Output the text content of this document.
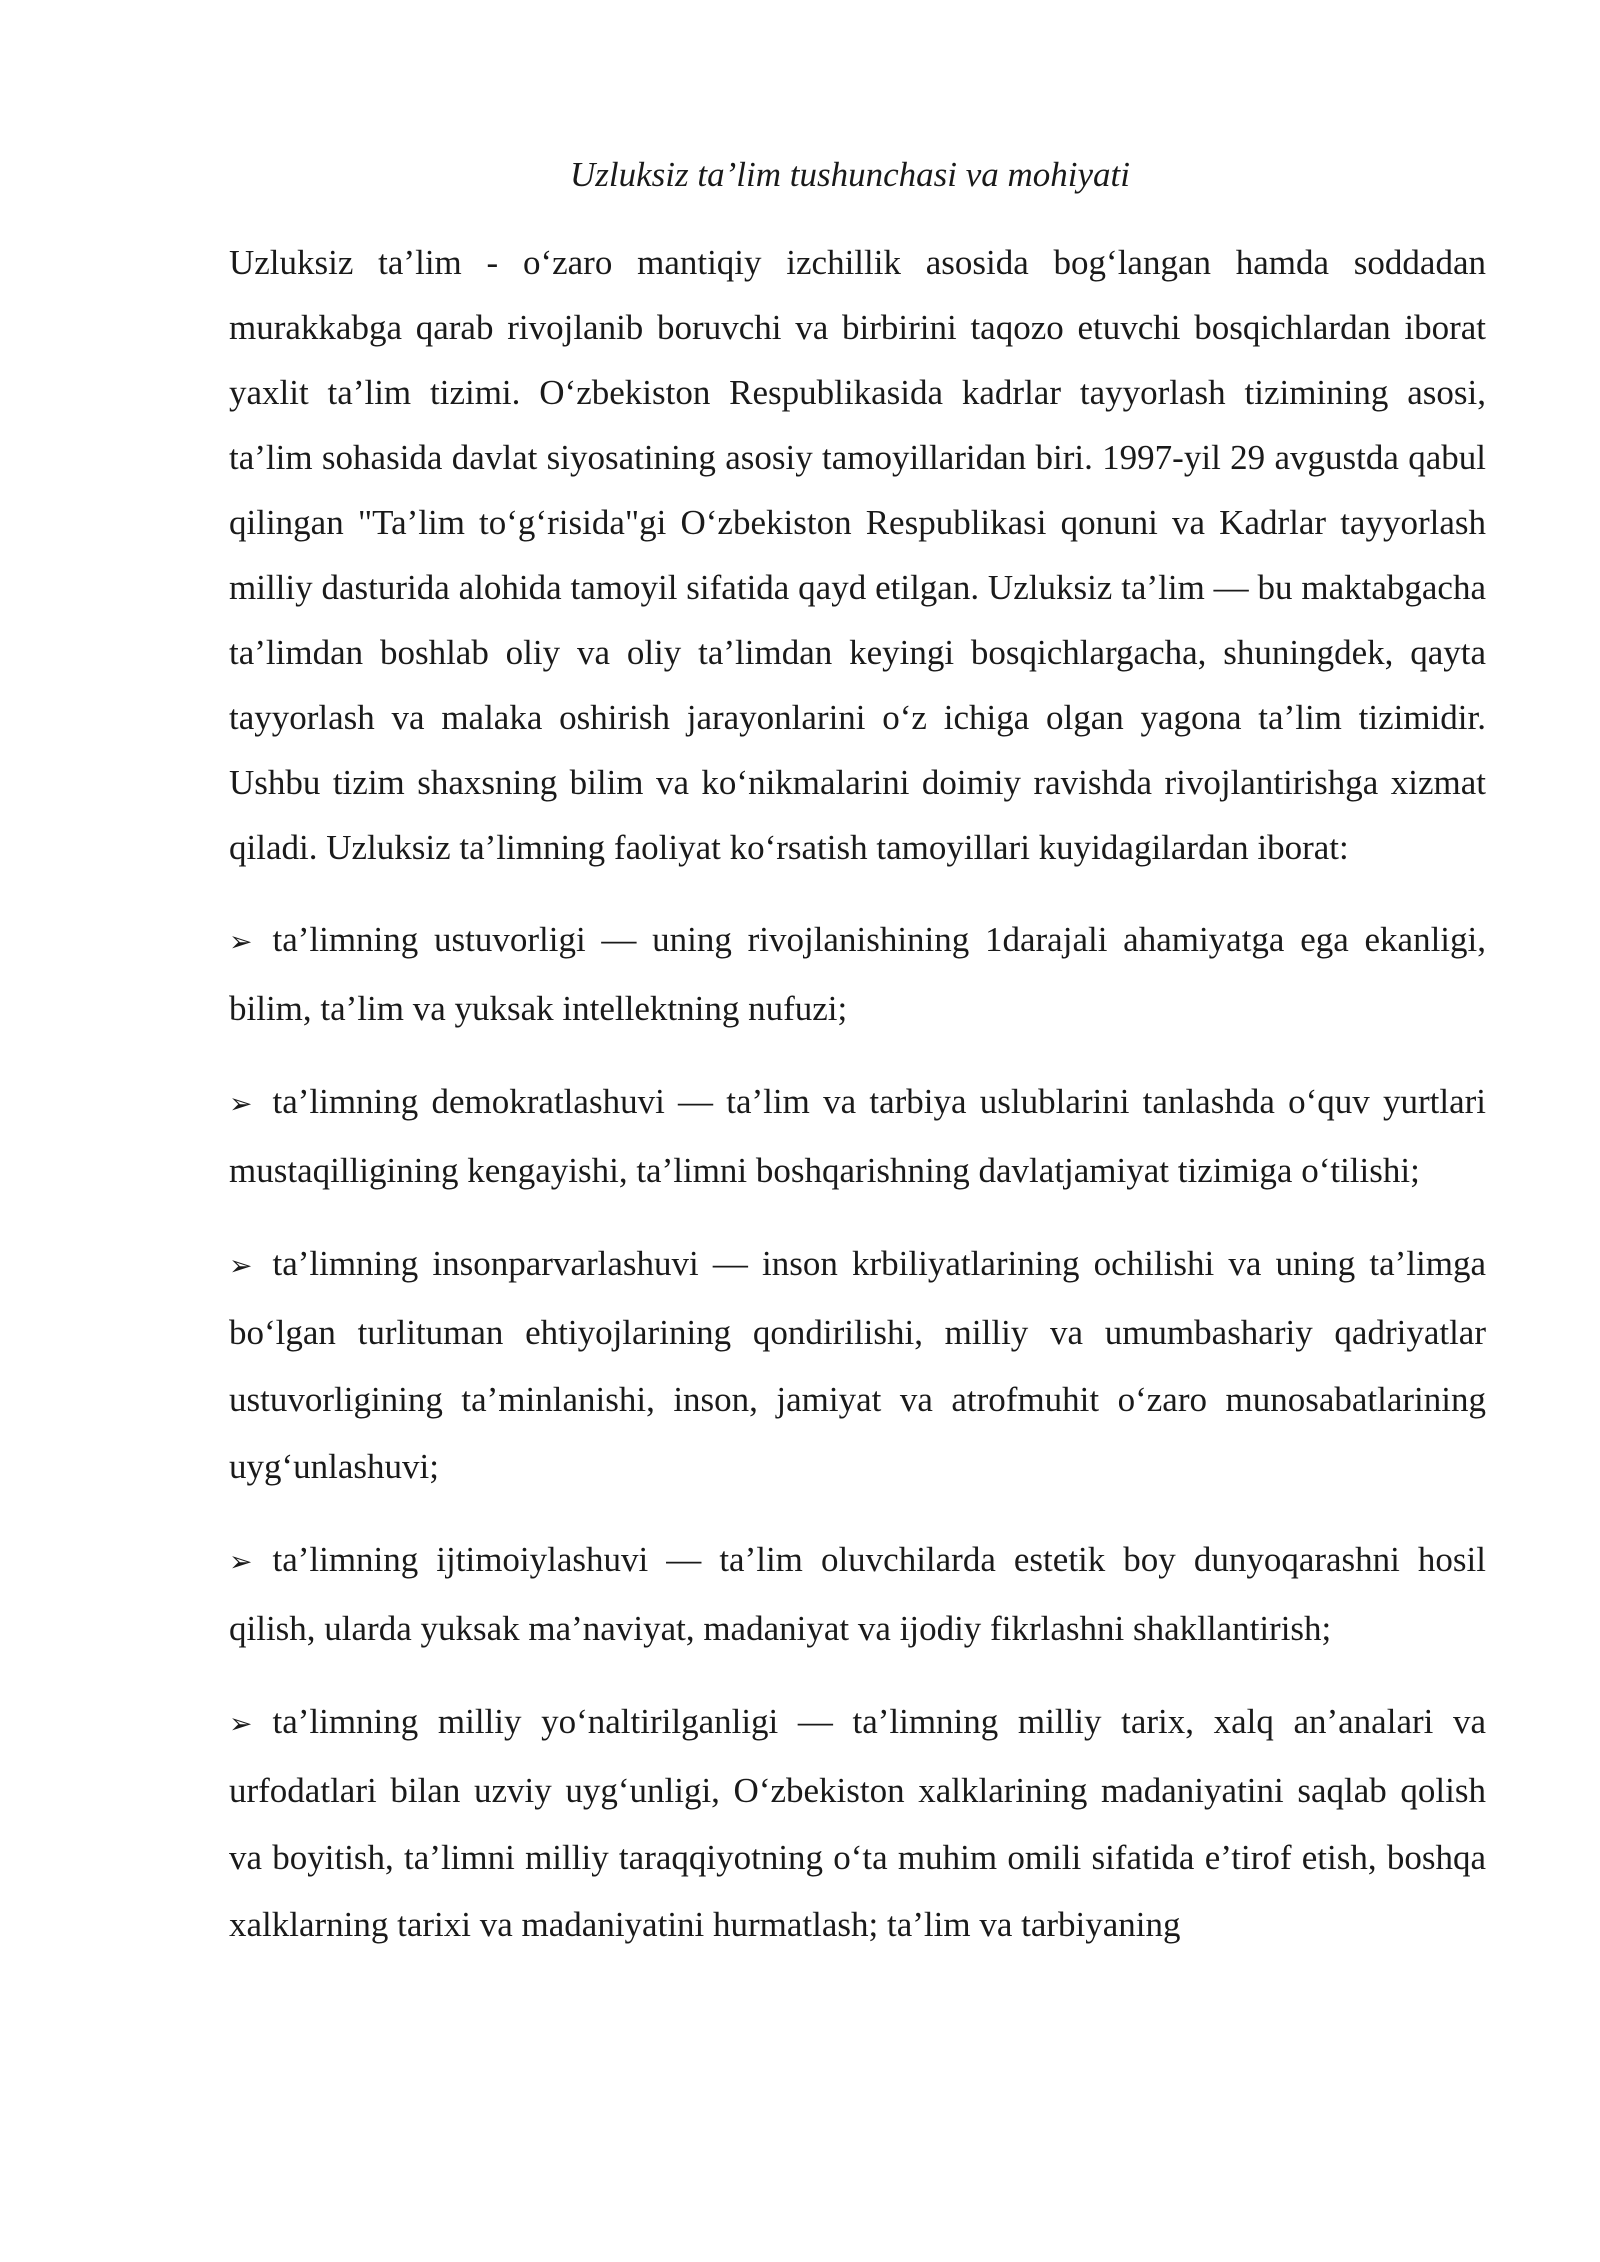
Uzluksiz ta’lim tushunchasi va mohiyati

Uzluksiz ta’lim - o‘zaro mantiqiy izchillik asosida bog‘langan hamda soddadan murakkabga qarab rivojlanib boruvchi va birbirini taqozo etuvchi bosqichlardan iborat yaxlit ta’lim tizimi. O‘zbekiston Respublikasida kadrlar tayyorlash tizimining asosi, ta’lim sohasida davlat siyosatining asosiy tamoyillaridan biri. 1997-yil 29 avgustda qabul qilingan "Ta’lim to‘g‘risida"gi O‘zbekiston Respublikasi qonuni va Kadrlar tayyorlash milliy dasturida alohida tamoyil sifatida qayd etilgan. Uzluksiz ta’lim — bu maktabgacha ta’limdan boshlab oliy va oliy ta’limdan keyingi bosqichlargacha, shuningdek, qayta tayyorlash va malaka oshirish jarayonlarini o‘z ichiga olgan yagona ta’lim tizimidir. Ushbu tizim shaxsning bilim va ko‘nikmalarini doimiy ravishda rivojlantirishga xizmat qiladi. Uzluksiz ta’limning faoliyat ko‘rsatish tamoyillari kuyidagilardan iborat:

➢ ta’limning ustuvorligi — uning rivojlanishining 1darajali ahamiyatga ega ekanligi, bilim, ta’lim va yuksak intellektning nufuzi;

➢ ta’limning demokratlashuvi — ta’lim va tarbiya uslublarini tanlashda o‘quv yurtlari mustaqilligining kengayishi, ta’limni boshqarishning davlatjamiyat tizimiga o‘tilishi;

➢ ta’limning insonparvarlashuvi — inson krbiliyatlarining ochilishi va uning ta’limga bo‘lgan turlituman ehtiyojlarining qondirilishi, milliy va umumbashariy qadriyatlar ustuvorligining ta’minlanishi, inson, jamiyat va atrofmuhit o‘zaro munosabatlarining uyg‘unlashuvi;

➢ ta’limning ijtimoiylashuvi — ta’lim oluvchilarda estetik boy dunyoqarashni hosil qilish, ularda yuksak ma’naviyat, madaniyat va ijodiy fikrlashni shakllantirish;

➢ ta’limning milliy yo‘naltirilganligi — ta’limning milliy tarix, xalq an’analari va urfodatlari bilan uzviy uyg‘unligi, O‘zbekiston xalklarining madaniyatini saqlab qolish va boyitish, ta’limni milliy taraqqiyotning o‘ta muhim omili sifatida e’tirof etish, boshqa xalklarning tarixi va madaniyatini hurmatlash; ta’lim va tarbiyaning
